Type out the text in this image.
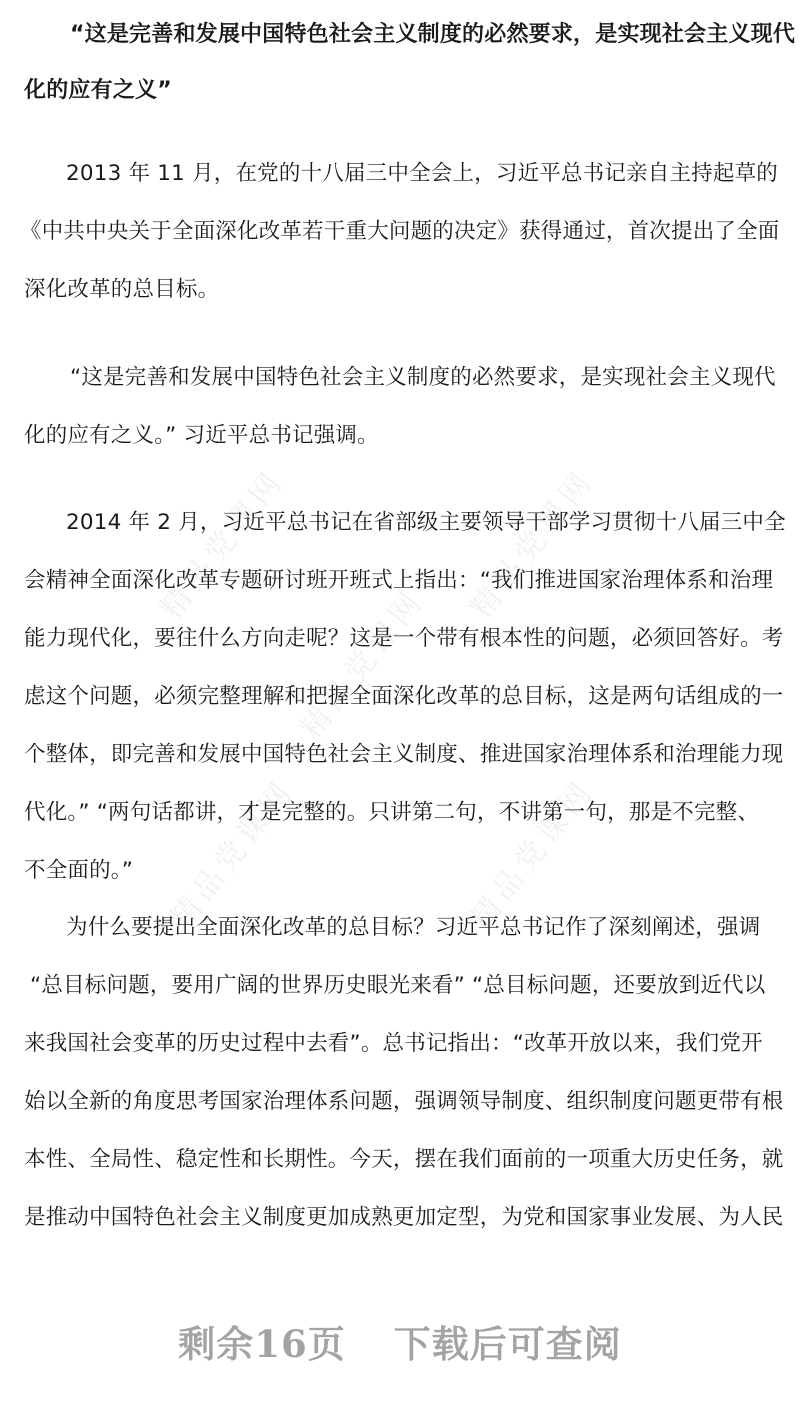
精品党课网	精品党课网
精品党课网
精品党课网	精品党课网
“这是完善和发展中国特色社会主义制度的必然要求，是实现社会主义现代
化的应有之义”
2013 年 11 月，在党的十八届三中全会上，习近平总书记亲自主持起草的
《中共中央关于全面深化改革若干重大问题的决定》获得通过，首次提出了全面
深化改革的总目标。
“这是完善和发展中国特色社会主义制度的必然要求，是实现社会主义现代
化的应有之义。” 习近平总书记强调。
2014 年 2 月，习近平总书记在省部级主要领导干部学习贯彻十八届三中全
会精神全面深化改革专题研讨班开班式上指出：“我们推进国家治理体系和治理
能力现代化，要往什么方向走呢？这是一个带有根本性的问题，必须回答好。考
虑这个问题，必须完整理解和把握全面深化改革的总目标，这是两句话组成的一
个整体，即完善和发展中国特色社会主义制度、推进国家治理体系和治理能力现
代化。” “两句话都讲，才是完整的。只讲第二句，不讲第一句，那是不完整、
不全面的。”
为什么要提出全面深化改革的总目标？习近平总书记作了深刻阐述，强调
“总目标问题，要用广阔的世界历史眼光来看” “总目标问题，还要放到近代以
来我国社会变革的历史过程中去看”。总书记指出：“改革开放以来，我们党开
始以全新的角度思考国家治理体系问题，强调领导制度、组织制度问题更带有根
本性、全局性、稳定性和长期性。今天，摆在我们面前的一项重大历史任务，就
是推动中国特色社会主义制度更加成熟更加定型，为党和国家事业发展、为人民
剩余16页 下载后可查阅
